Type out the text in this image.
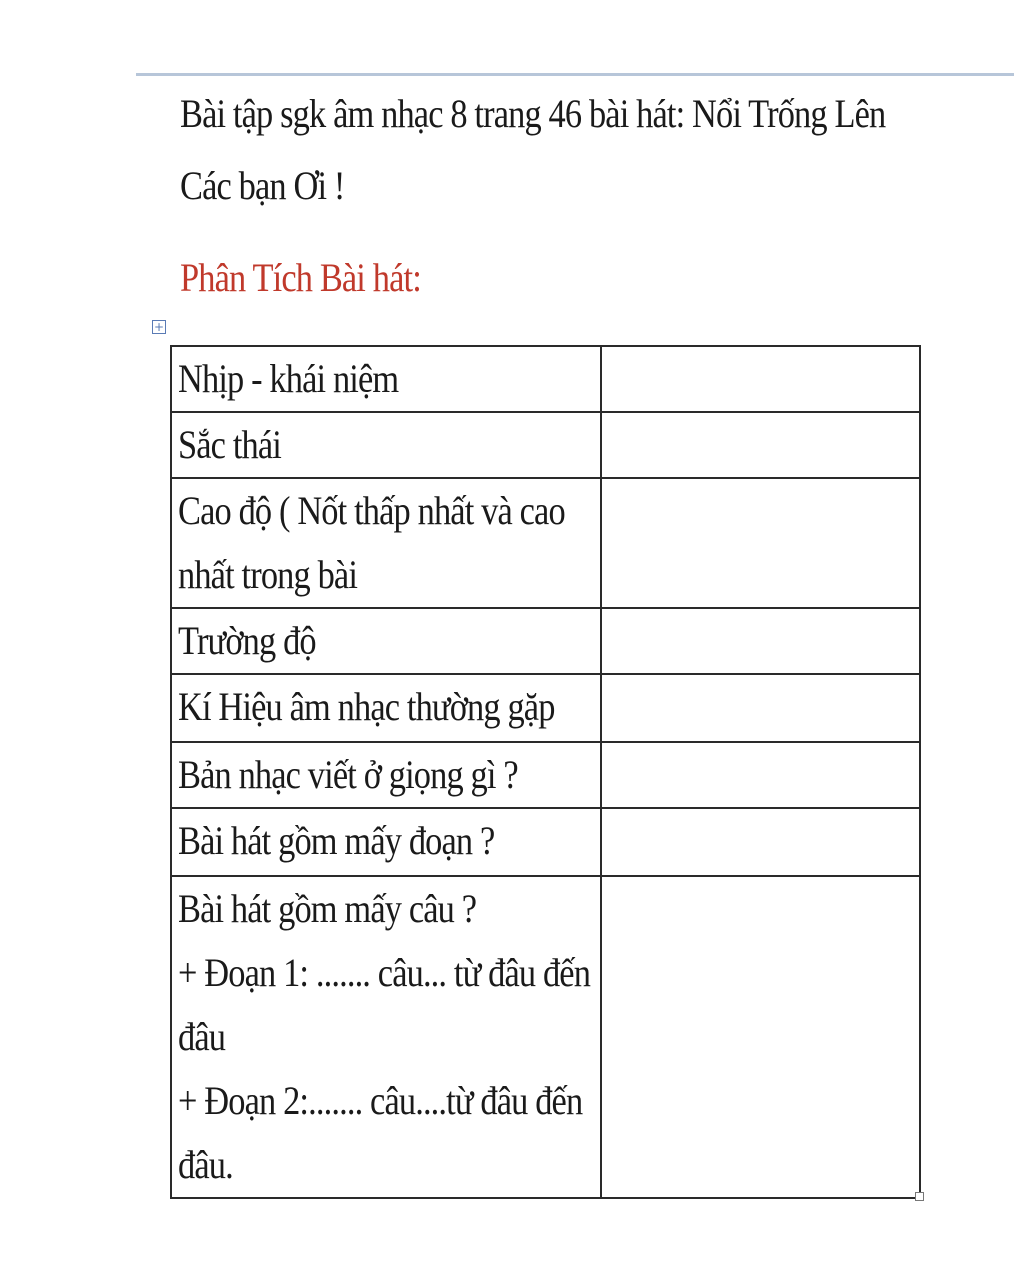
Bài tập sgk âm nhạc 8 trang 46 bài hát: Nổi Trống Lên Các bạn Ơi !
Phân Tích Bài hát:
+
Nhịp - khái niệm	

Sắc thái	

Cao độ ( Nốt thấp nhất và cao nhất trong bài	

Trường độ	

Kí Hiệu âm nhạc thường gặp	

Bản nhạc viết ở giọng gì ?	

Bài hát gồm mấy đoạn ?	

Bài hát gồm mấy câu ?
+ Đoạn 1: ....... câu... từ đâu đến đâu
+ Đoạn 2:....... câu....từ đâu đến đâu.	
